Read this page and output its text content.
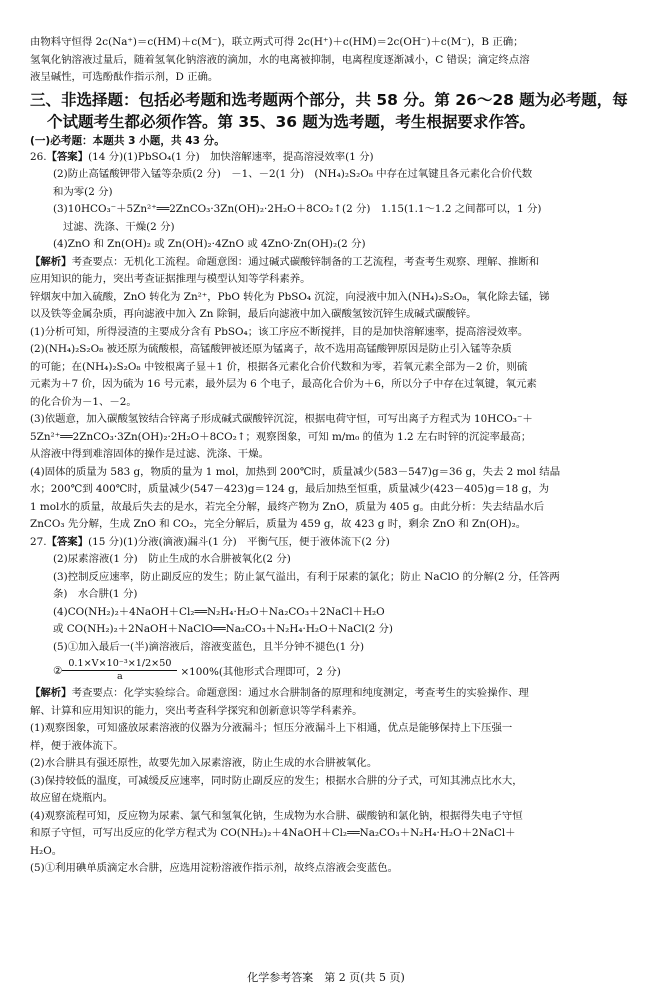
由物料守恒得 2c(Na⁺)＝c(HM)＋c(M⁻)，联立两式可得 2c(H⁺)＋c(HM)＝2c(OH⁻)＋c(M⁻)，B 正确；

氢氧化钠溶液过量后，随着氢氧化钠溶液的滴加，水的电离被抑制，电离程度逐渐减小，C 错误；滴定终点溶

液呈碱性，可选酚酞作指示剂，D 正确。

三、非选择题：包括必考题和选考题两个部分，共 58 分。第 26～28 题为必考题，每
个试题考生都必须作答。第 35、36 题为选考题，考生根据要求作答。

(一)必考题：本题共 3 小题，共 43 分。

26.【答案】(14 分)(1)PbSO₄(1 分)　加快溶解速率，提高溶浸效率(1 分)

(2)防止高锰酸钾带入锰等杂质(2 分)　－1、－2(1 分)　(NH₄)₂S₂O₈ 中存在过氧键且各元素化合价代数

和为零(2 分)

(3)10HCO₃⁻＋5Zn²⁺══2ZnCO₃·3Zn(OH)₂·2H₂O＋8CO₂↑(2 分)　1.15(1.1～1.2 之间都可以，1 分)

过滤、洗涤、干燥(2 分)

(4)ZnO 和 Zn(OH)₂ 或 Zn(OH)₂·4ZnO 或 4ZnO·Zn(OH)₂(2 分)

【解析】考查要点：无机化工流程。命题意图：通过碱式碳酸锌制备的工艺流程，考查考生观察、理解、推断和

应用知识的能力，突出考查证据推理与模型认知等学科素养。

锌烟灰中加入硫酸，ZnO 转化为 Zn²⁺，PbO 转化为 PbSO₄ 沉淀，向浸液中加入(NH₄)₂S₂O₈，氧化除去锰，锑

以及铁等金属杂质，再向滤液中加入 Zn 除铜，最后向滤液中加入碳酸氢铵沉锌生成碱式碳酸锌。

(1)分析可知，所得浸渣的主要成分含有 PbSO₄；该工序应不断搅拌，目的是加快溶解速率，提高溶浸效率。

(2)(NH₄)₂S₂O₈ 被还原为硫酸根，高锰酸钾被还原为锰离子，故不选用高锰酸钾原因是防止引入锰等杂质

的可能；在(NH₄)₂S₂O₈ 中铵根离子显＋1 价，根据各元素化合价代数和为零，若氧元素全部为－2 价，则硫

元素为＋7 价，因为硫为 16 号元素，最外层为 6 个电子，最高化合价为＋6，所以分子中存在过氧键，氧元素

的化合价为－1、－2。

(3)依题意，加入碳酸氢铵结合锌离子形成碱式碳酸锌沉淀，根据电荷守恒，可写出离子方程式为 10HCO₃⁻＋

5Zn²⁺══2ZnCO₃·3Zn(OH)₂·2H₂O＋8CO₂↑；观察图象，可知 m/m₀ 的值为 1.2 左右时锌的沉淀率最高；

从溶液中得到难溶固体的操作是过滤、洗涤、干燥。

(4)固体的质量为 583 g，物质的量为 1 mol，加热到 200℃时，质量减少(583－547)g＝36 g，失去 2 mol 结晶

水；200℃到 400℃时，质量减少(547－423)g＝124 g，最后加热至恒重，质量减少(423－405)g＝18 g，为

1 mol水的质量，故最后失去的是水，若完全分解，最终产物为 ZnO，质量为 405 g。由此分析：失去结晶水后

ZnCO₃ 先分解，生成 ZnO 和 CO₂，完全分解后，质量为 459 g，故 423 g 时，剩余 ZnO 和 Zn(OH)₂。

27.【答案】(15 分)(1)分液(滴液)漏斗(1 分)　平衡气压，便于液体流下(2 分)

(2)尿素溶液(1 分)　防止生成的水合肼被氧化(2 分)

(3)控制反应速率，防止副反应的发生；防止氯气溢出，有利于尿素的氯化；防止 NaClO 的分解(2 分，任答两

条)　水合肼(1 分)

(4)CO(NH₂)₂＋4NaOH＋Cl₂══N₂H₄·H₂O＋Na₂CO₃＋2NaCl＋H₂O

或 CO(NH₂)₂＋2NaOH＋NaClO══Na₂CO₃＋N₂H₄·H₂O＋NaCl(2 分)

(5)①加入最后一(半)滴溶液后，溶液变蓝色，且半分钟不褪色(1 分)

② $\frac{\text{0.1×V×10⁻³×1/2×50}}{a} \times 100\%$(其他形式合理即可，2 分)

【解析】考查要点：化学实验综合。命题意图：通过水合肼制备的原理和纯度测定，考查考生的实验操作、理

解、计算和应用知识的能力，突出考查科学探究和创新意识等学科素养。

(1)观察图象，可知盛放尿素溶液的仪器为分液漏斗；恒压分液漏斗上下相通，优点是能够保持上下压强一

样，便于液体流下。

(2)水合肼具有强还原性，故要先加入尿素溶液，防止生成的水合肼被氧化。

(3)保持较低的温度，可减缓反应速率，同时防止副反应的发生；根据水合肼的分子式，可知其沸点比水大，

故应留在烧瓶内。

(4)观察流程可知，反应物为尿素、氯气和氢氧化钠，生成物为水合肼、碳酸钠和氯化钠，根据得失电子守恒

和原子守恒，可写出反应的化学方程式为 CO(NH₂)₂＋4NaOH＋Cl₂══Na₂CO₃＋N₂H₄·H₂O＋2NaCl＋

H₂O。

(5)①利用碘单质滴定水合肼，应选用淀粉溶液作指示剂，故终点溶液会变蓝色。

化学参考答案　第 2 页(共 5 页)
